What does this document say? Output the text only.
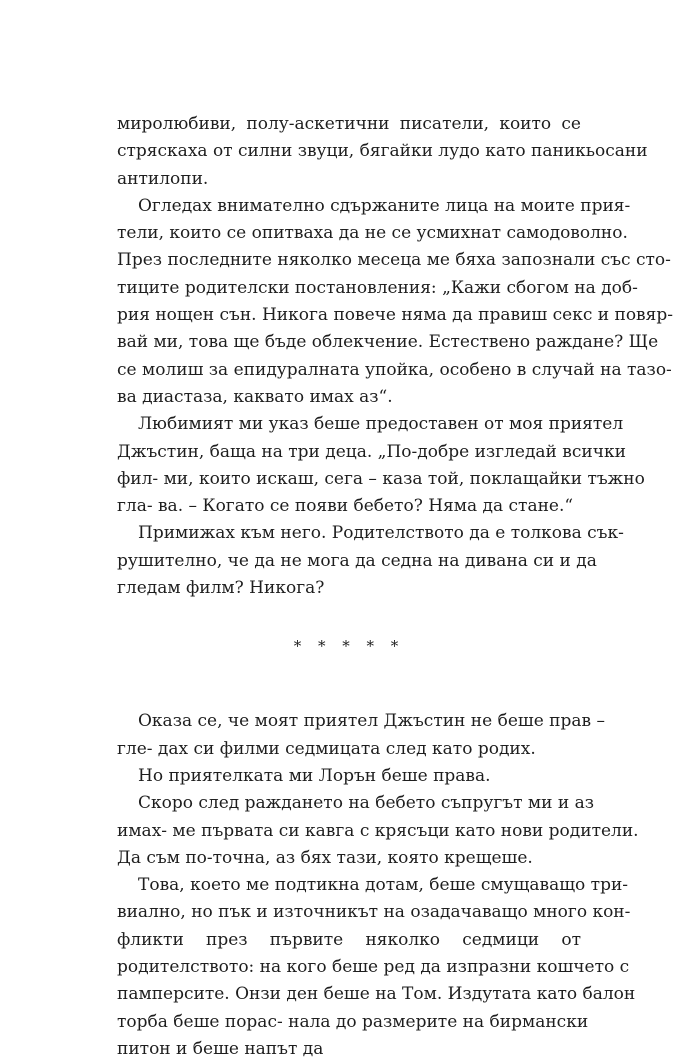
миролюбиви, полу-аскетични писатели, които се
стряскаха от силни звуци, бягайки лудо като паникьосани
антилопи.
Огледах внимателно сдържаните лица на моите прия-
тели, които се опитваха да не се усмихнат самодоволно.
През последните няколко месеца ме бяха запознали със сто-
тиците родителски постановления: „Кажи сбогом на доб-
рия нощен сън. Никога повече няма да правиш секс и повяр-
вай ми, това ще бъде облекчение. Естествено раждане? Ще
се молиш за епидуралната упойка, особено в случай на тазо-
ва диастаза, каквато имах аз“.
Любимият ми указ беше предоставен от моя приятел
Джъстин, баща на три деца. „По-добре изгледай всички
фил- ми, които искаш, сега – каза той, поклащайки тъжно
гла- ва. – Когато се появи бебето? Няма да стане.“
Примижах към него. Родителството да е толкова сък-
рушително, че да не мога да седна на дивана си и да
гледам филм? Никога?
* * * * *
Оказа се, че моят приятел Джъстин не беше прав –
гле- дах си филми седмицата след като родих.
Но приятелката ми Лорън беше права.
Скоро след раждането на бебето съпругът ми и аз
имах- ме първата си кавга с крясъци като нови родители.
Да съм по-точна, аз бях тази, която крещеше.
Това, което ме подтикна дотам, беше смущаващо три-
виално, но пък и източникът на озадачаващо много кон-
фликти през първите няколко седмици от
родителството: на кого беше ред да изпразни кошчето с
памперсите. Онзи ден беше на Том. Издутата като балон
торба беше порас- нала до размерите на бирмански
питон и беше напът да
